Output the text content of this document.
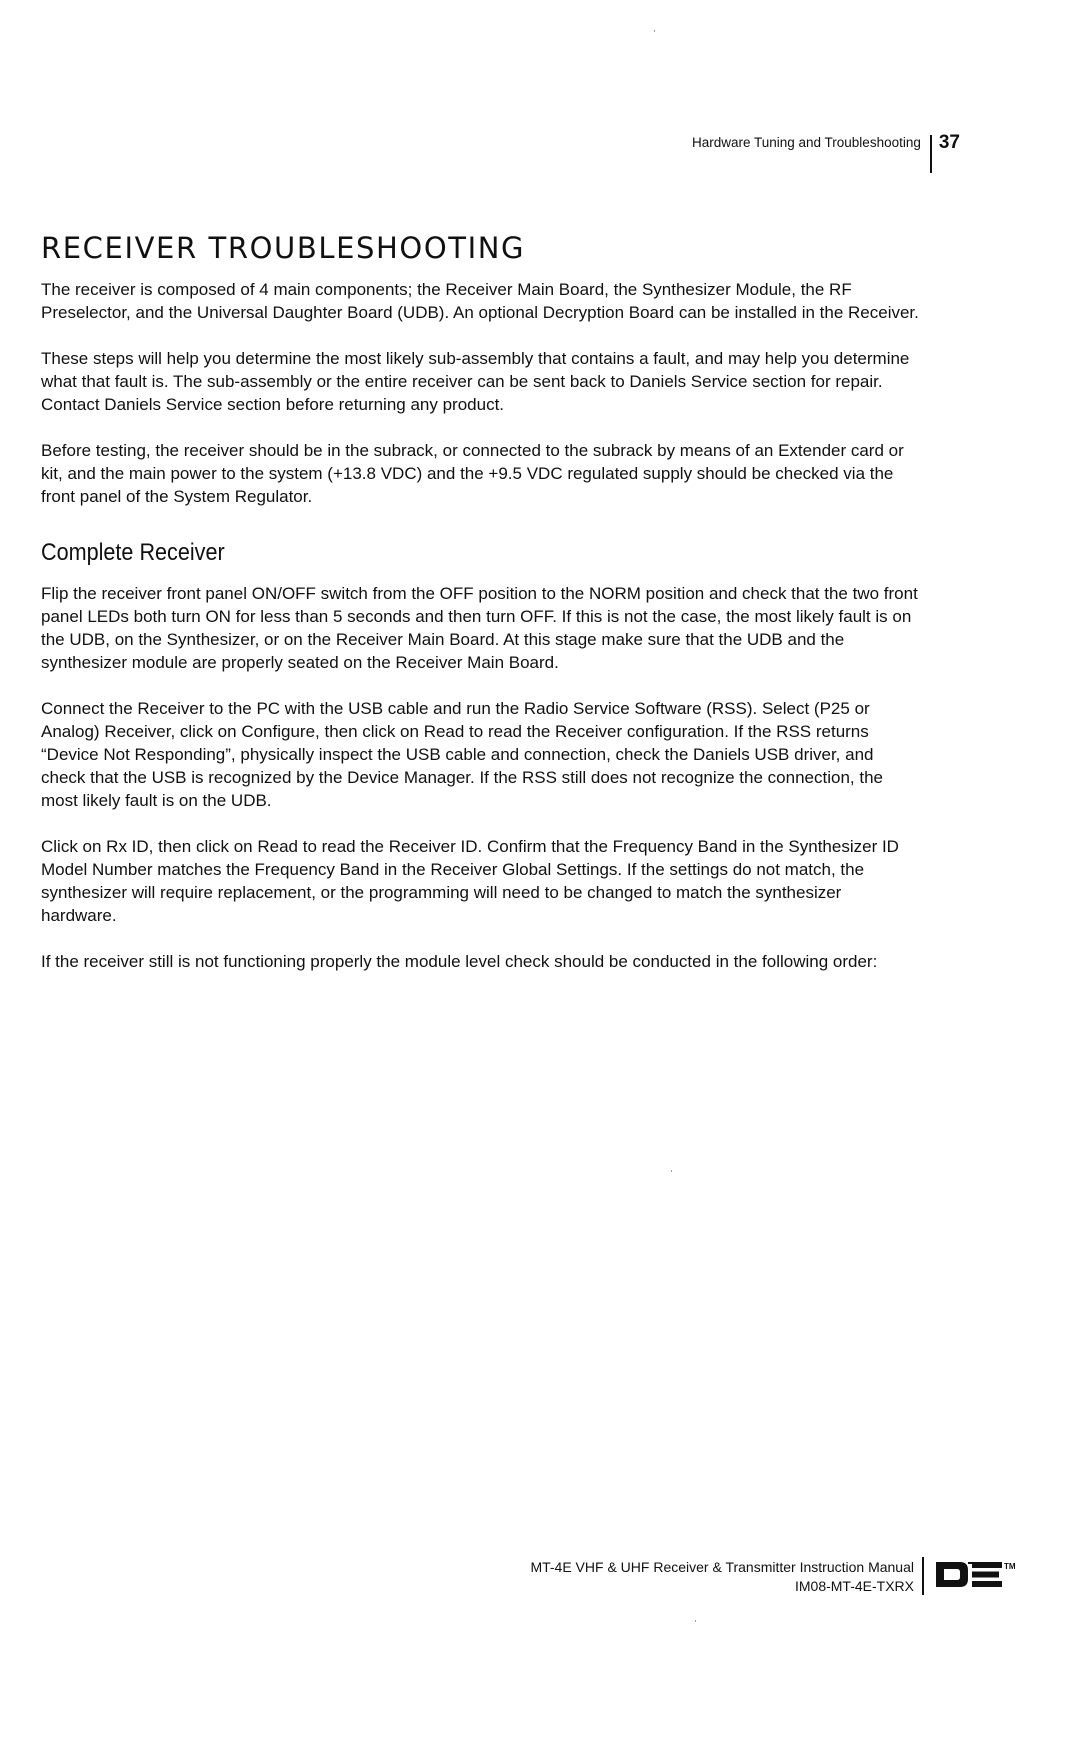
Hardware Tuning and Troubleshooting 37
RECEIVER TROUBLESHOOTING

The receiver is composed of 4 main components; the Receiver Main Board, the Synthesizer Module, the RF Preselector, and the Universal Daughter Board (UDB). An optional Decryption Board can be installed in the Receiver.

These steps will help you determine the most likely sub-assembly that contains a fault, and may help you determine what that fault is. The sub-assembly or the entire receiver can be sent back to Daniels Service section for repair. Contact Daniels Service section before returning any product.

Before testing, the receiver should be in the subrack, or connected to the subrack by means of an Extender card or kit, and the main power to the system (+13.8 VDC) and the +9.5 VDC regulated supply should be checked via the front panel of the System Regulator.

Complete Receiver

Flip the receiver front panel ON/OFF switch from the OFF position to the NORM position and check that the two front panel LEDs both turn ON for less than 5 seconds and then turn OFF. If this is not the case, the most likely fault is on the UDB, on the Synthesizer, or on the Receiver Main Board. At this stage make sure that the UDB and the synthesizer module are properly seated on the Receiver Main Board.

Connect the Receiver to the PC with the USB cable and run the Radio Service Software (RSS). Select (P25 or Analog) Receiver, click on Configure, then click on Read to read the Receiver configuration. If the RSS returns “Device Not Responding”, physically inspect the USB cable and connection, check the Daniels USB driver, and check that the USB is recognized by the Device Manager. If the RSS still does not recognize the connection, the most likely fault is on the UDB.

Click on Rx ID, then click on Read to read the Receiver ID. Confirm that the Frequency Band in the Synthesizer ID Model Number matches the Frequency Band in the Receiver Global Settings. If the settings do not match, the synthesizer will require replacement, or the programming will need to be changed to match the synthesizer hardware.

If the receiver still is not functioning properly the module level check should be conducted in the following order:

MT-4E VHF & UHF Receiver & Transmitter Instruction Manual
IM08-MT-4E-TXRX
TM
